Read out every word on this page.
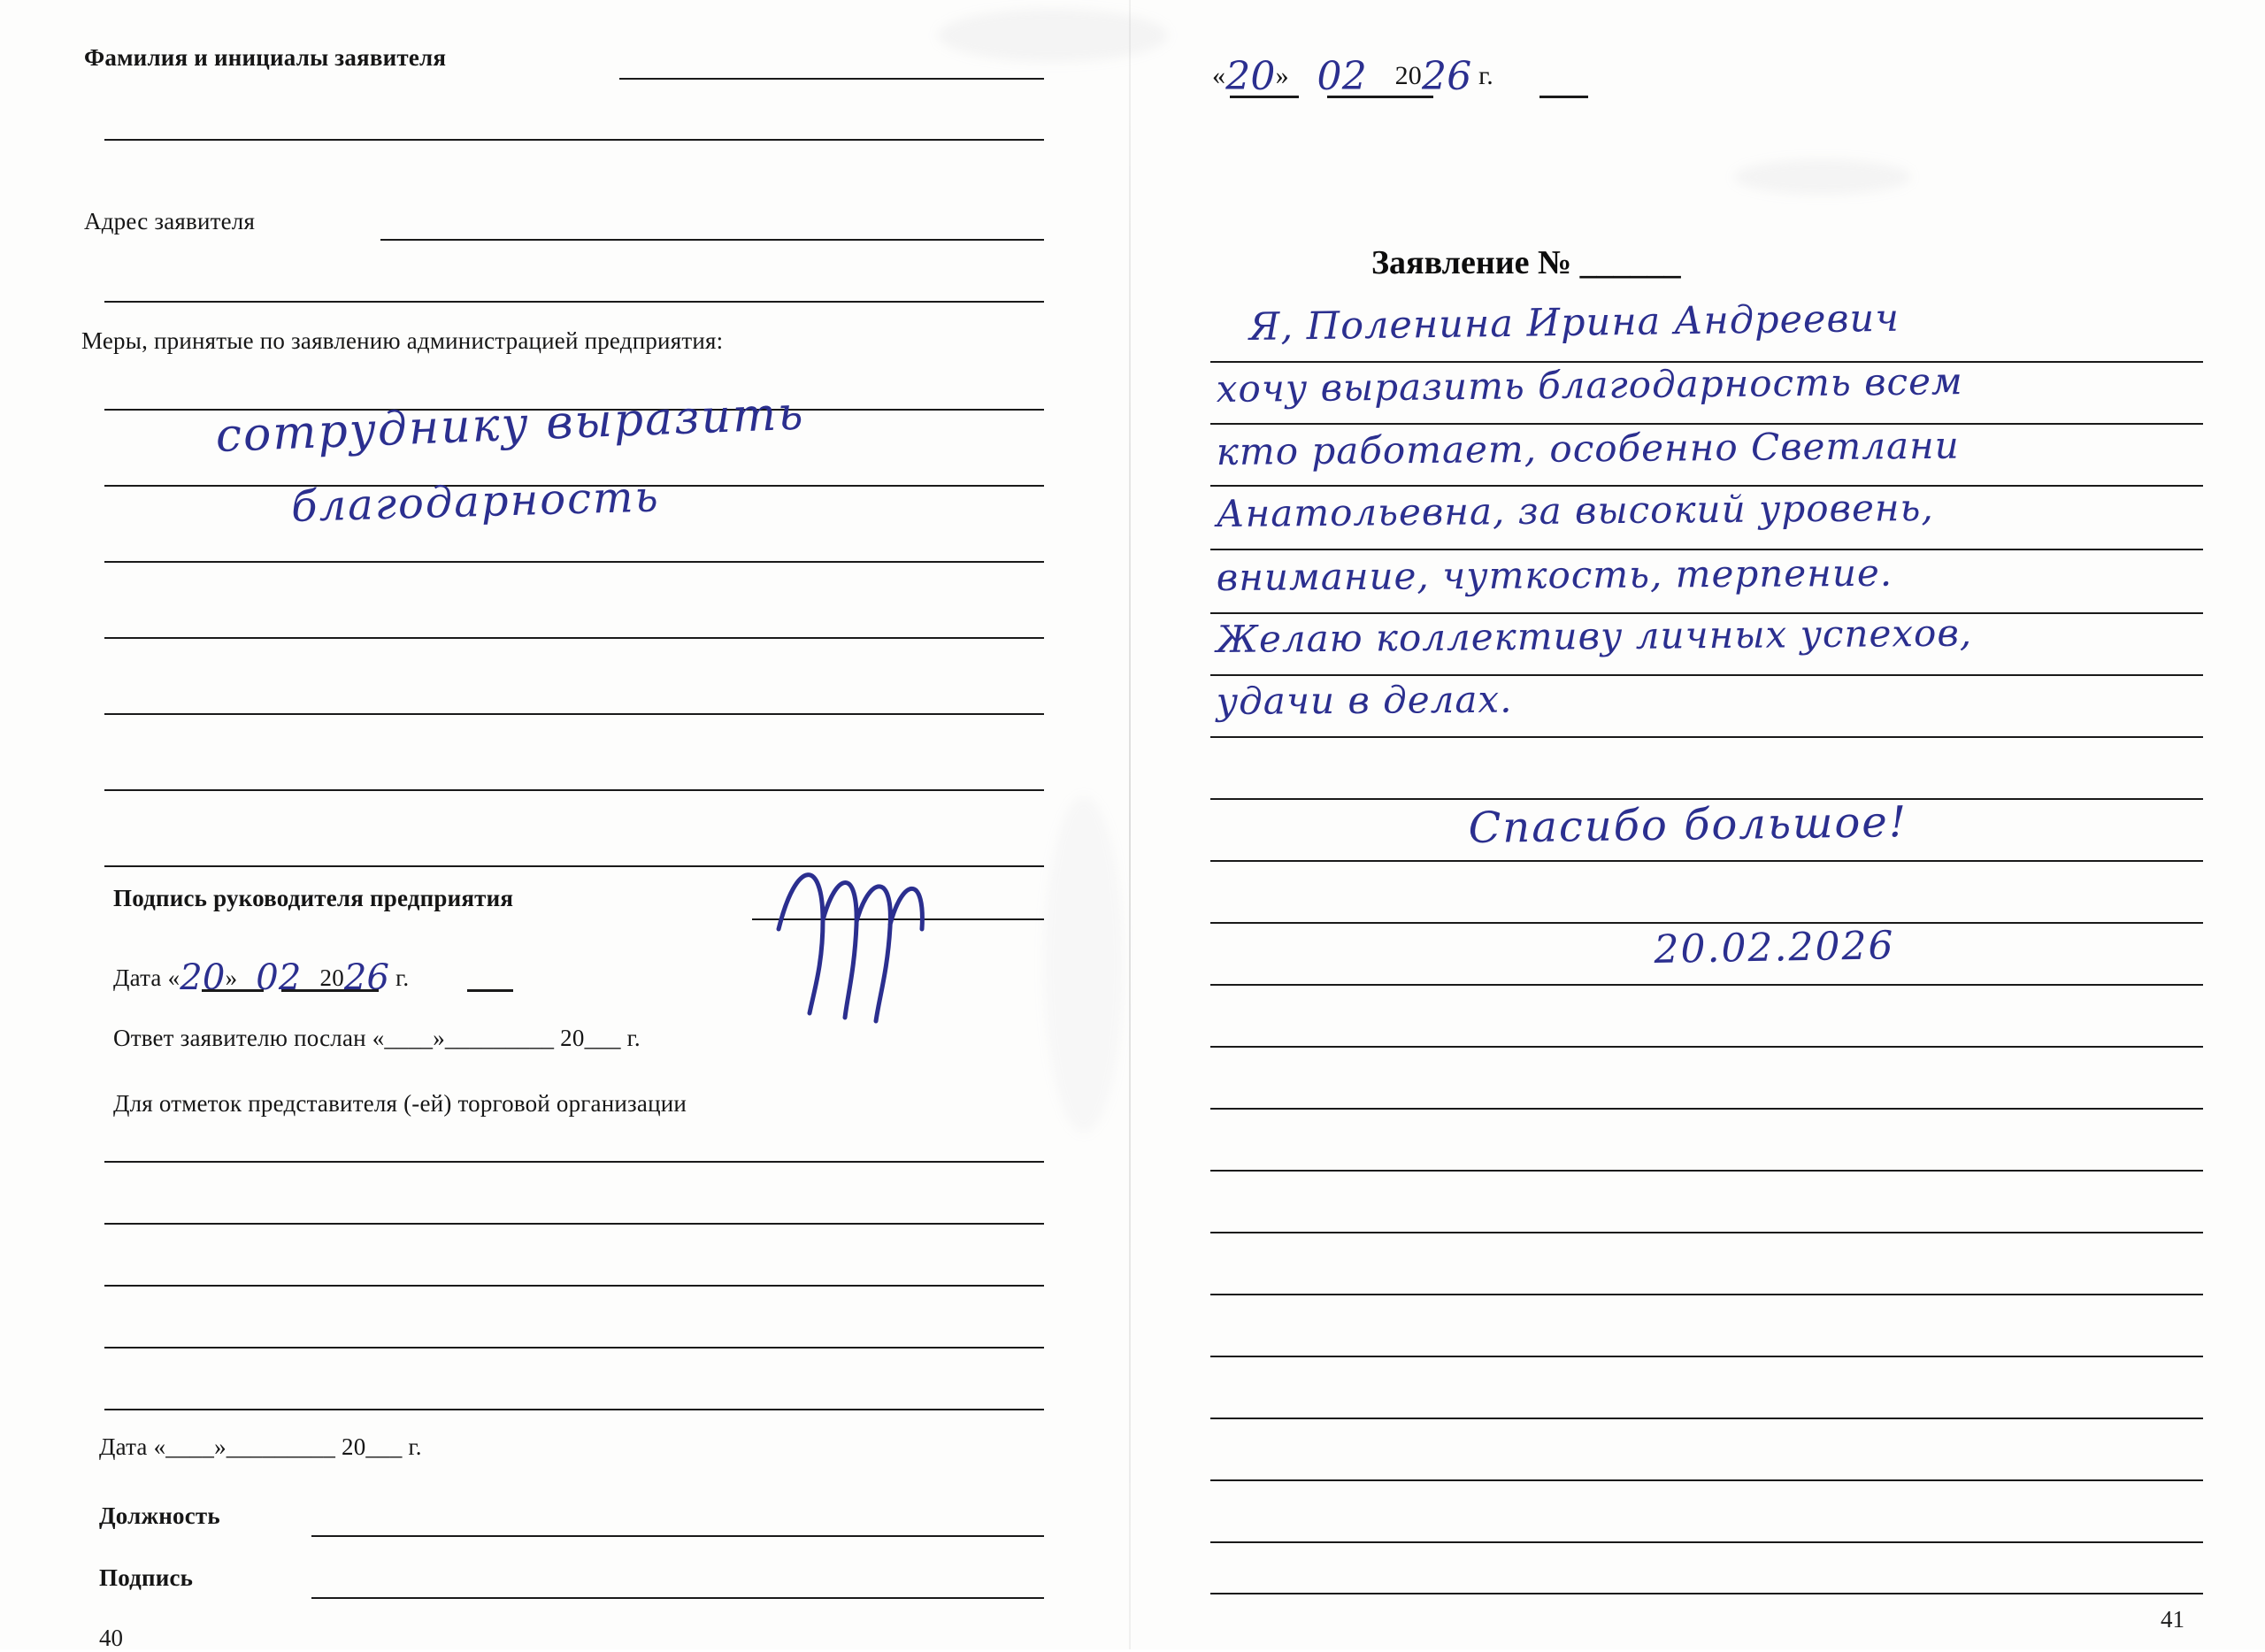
Фамилия и инициалы заявителя
Адрес заявителя
Меры, принятые по заявлению администрацией предприятия:
сотруднику выразить
благодарность
Подпись руководителя предприятия
Дата «20» 02 2026 г.
Ответ заявителю послан «____»_________ 20___ г.
Для отметок представителя (-ей) торговой организации
Дата «____»_________ 20___ г.
Должность
Подпись
40
«20» 02 2026 г.
Заявление № ______
Я, Поленина Ирина Андреевич
хочу выразить благодарность всем
кто работает, особенно Светлани
Анатольевна, за высокий уровень,
внимание, чуткость, терпение.
Желаю коллективу личных успехов,
удачи в делах.
Спасибо большое!
20.02.2026
41
